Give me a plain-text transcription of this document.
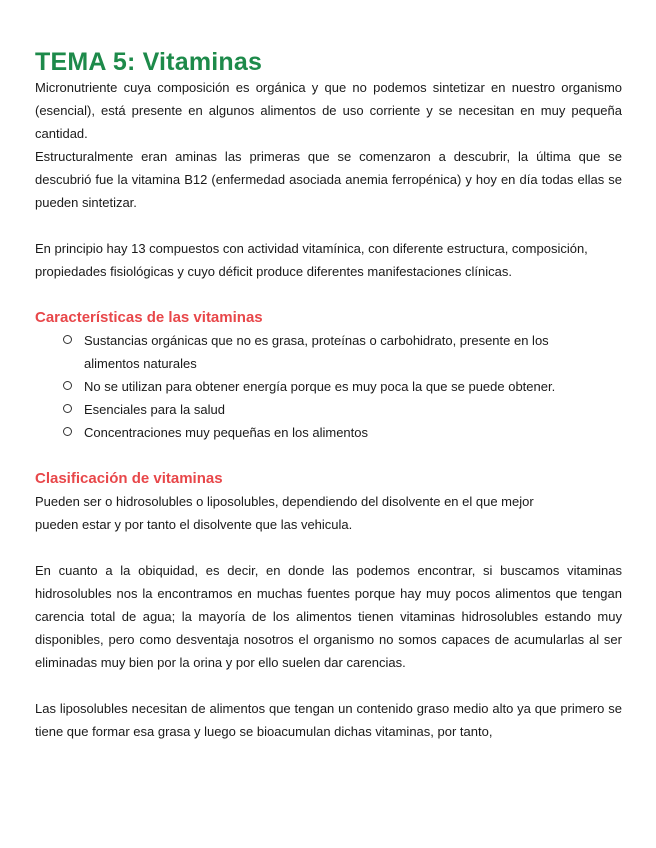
TEMA 5: Vitaminas

Micronutriente cuya composición es orgánica y que no podemos sintetizar en nuestro organismo (esencial), está presente en algunos alimentos de uso corriente y se necesitan en muy pequeña cantidad.

Estructuralmente eran aminas las primeras que se comenzaron a descubrir, la última que se descubrió fue la vitamina B12 (enfermedad asociada anemia ferropénica) y hoy en día todas ellas se pueden sintetizar.

En principio hay 13 compuestos con actividad vitamínica, con diferente estructura, composición, propiedades fisiológicas y cuyo déficit produce diferentes manifestaciones clínicas.

Características de las vitaminas
Sustancias orgánicas que no es grasa, proteínas o carbohidrato, presente en los alimentos naturales
No se utilizan para obtener energía porque es muy poca la que se puede obtener.
Esenciales para la salud
Concentraciones muy pequeñas en los alimentos
Clasificación de vitaminas

Pueden ser o hidrosolubles o liposolubles, dependiendo del disolvente en el que mejor pueden estar y por tanto el disolvente que las vehicula.

En cuanto a la obiquidad, es decir, en donde las podemos encontrar, si buscamos vitaminas hidrosolubles nos la encontramos en muchas fuentes porque hay muy pocos alimentos que tengan carencia total de agua; la mayoría de los alimentos tienen vitaminas hidrosolubles estando muy disponibles, pero como desventaja nosotros el organismo no somos capaces de acumularlas al ser eliminadas muy bien por la orina y por ello suelen dar carencias.

Las liposolubles necesitan de alimentos que tengan un contenido graso medio alto ya que primero se tiene que formar esa grasa y luego se bioacumulan dichas vitaminas, por tanto,
